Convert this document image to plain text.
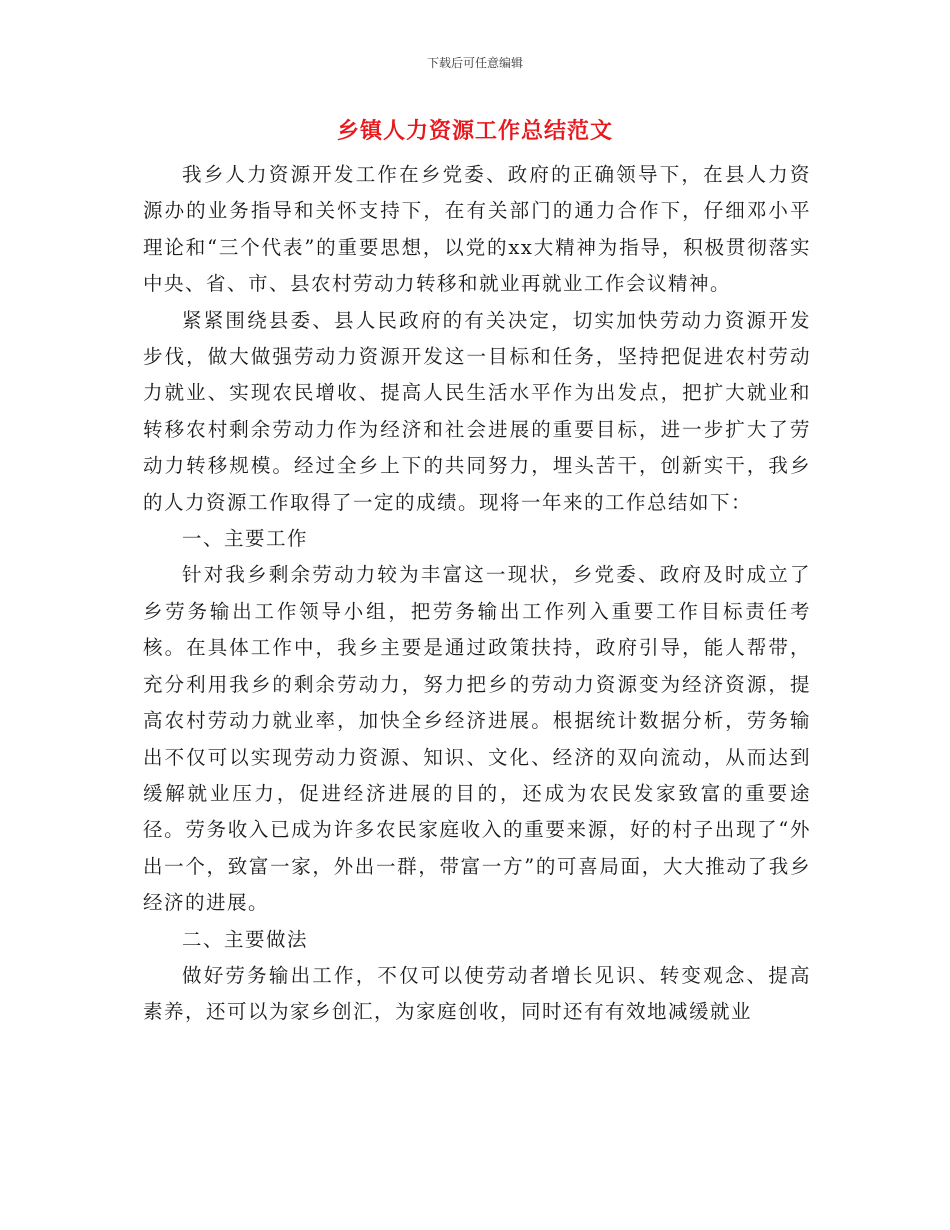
下载后可任意编辑
乡镇人力资源工作总结范文

我乡人力资源开发工作在乡党委、政府的正确领导下，在县人力资源办的业务指导和关怀支持下，在有关部门的通力合作下，仔细邓小平理论和“三个代表”的重要思想，以党的xx大精神为指导，积极贯彻落实中央、省、市、县农村劳动力转移和就业再就业工作会议精神。

紧紧围绕县委、县人民政府的有关决定，切实加快劳动力资源开发步伐，做大做强劳动力资源开发这一目标和任务，坚持把促进农村劳动力就业、实现农民增收、提高人民生活水平作为出发点，把扩大就业和转移农村剩余劳动力作为经济和社会进展的重要目标，进一步扩大了劳动力转移规模。经过全乡上下的共同努力，埋头苦干，创新实干，我乡的人力资源工作取得了一定的成绩。现将一年来的工作总结如下：

一、主要工作

针对我乡剩余劳动力较为丰富这一现状，乡党委、政府及时成立了乡劳务输出工作领导小组，把劳务输出工作列入重要工作目标责任考核。在具体工作中，我乡主要是通过政策扶持，政府引导，能人帮带，充分利用我乡的剩余劳动力，努力把乡的劳动力资源变为经济资源，提高农村劳动力就业率，加快全乡经济进展。根据统计数据分析，劳务输出不仅可以实现劳动力资源、知识、文化、经济的双向流动，从而达到缓解就业压力，促进经济进展的目的，还成为农民发家致富的重要途径。劳务收入已成为许多农民家庭收入的重要来源，好的村子出现了“外出一个，致富一家，外出一群，带富一方”的可喜局面，大大推动了我乡经济的进展。

二、主要做法

做好劳务输出工作，不仅可以使劳动者增长见识、转变观念、提高素养，还可以为家乡创汇，为家庭创收，同时还有有效地减缓就业
